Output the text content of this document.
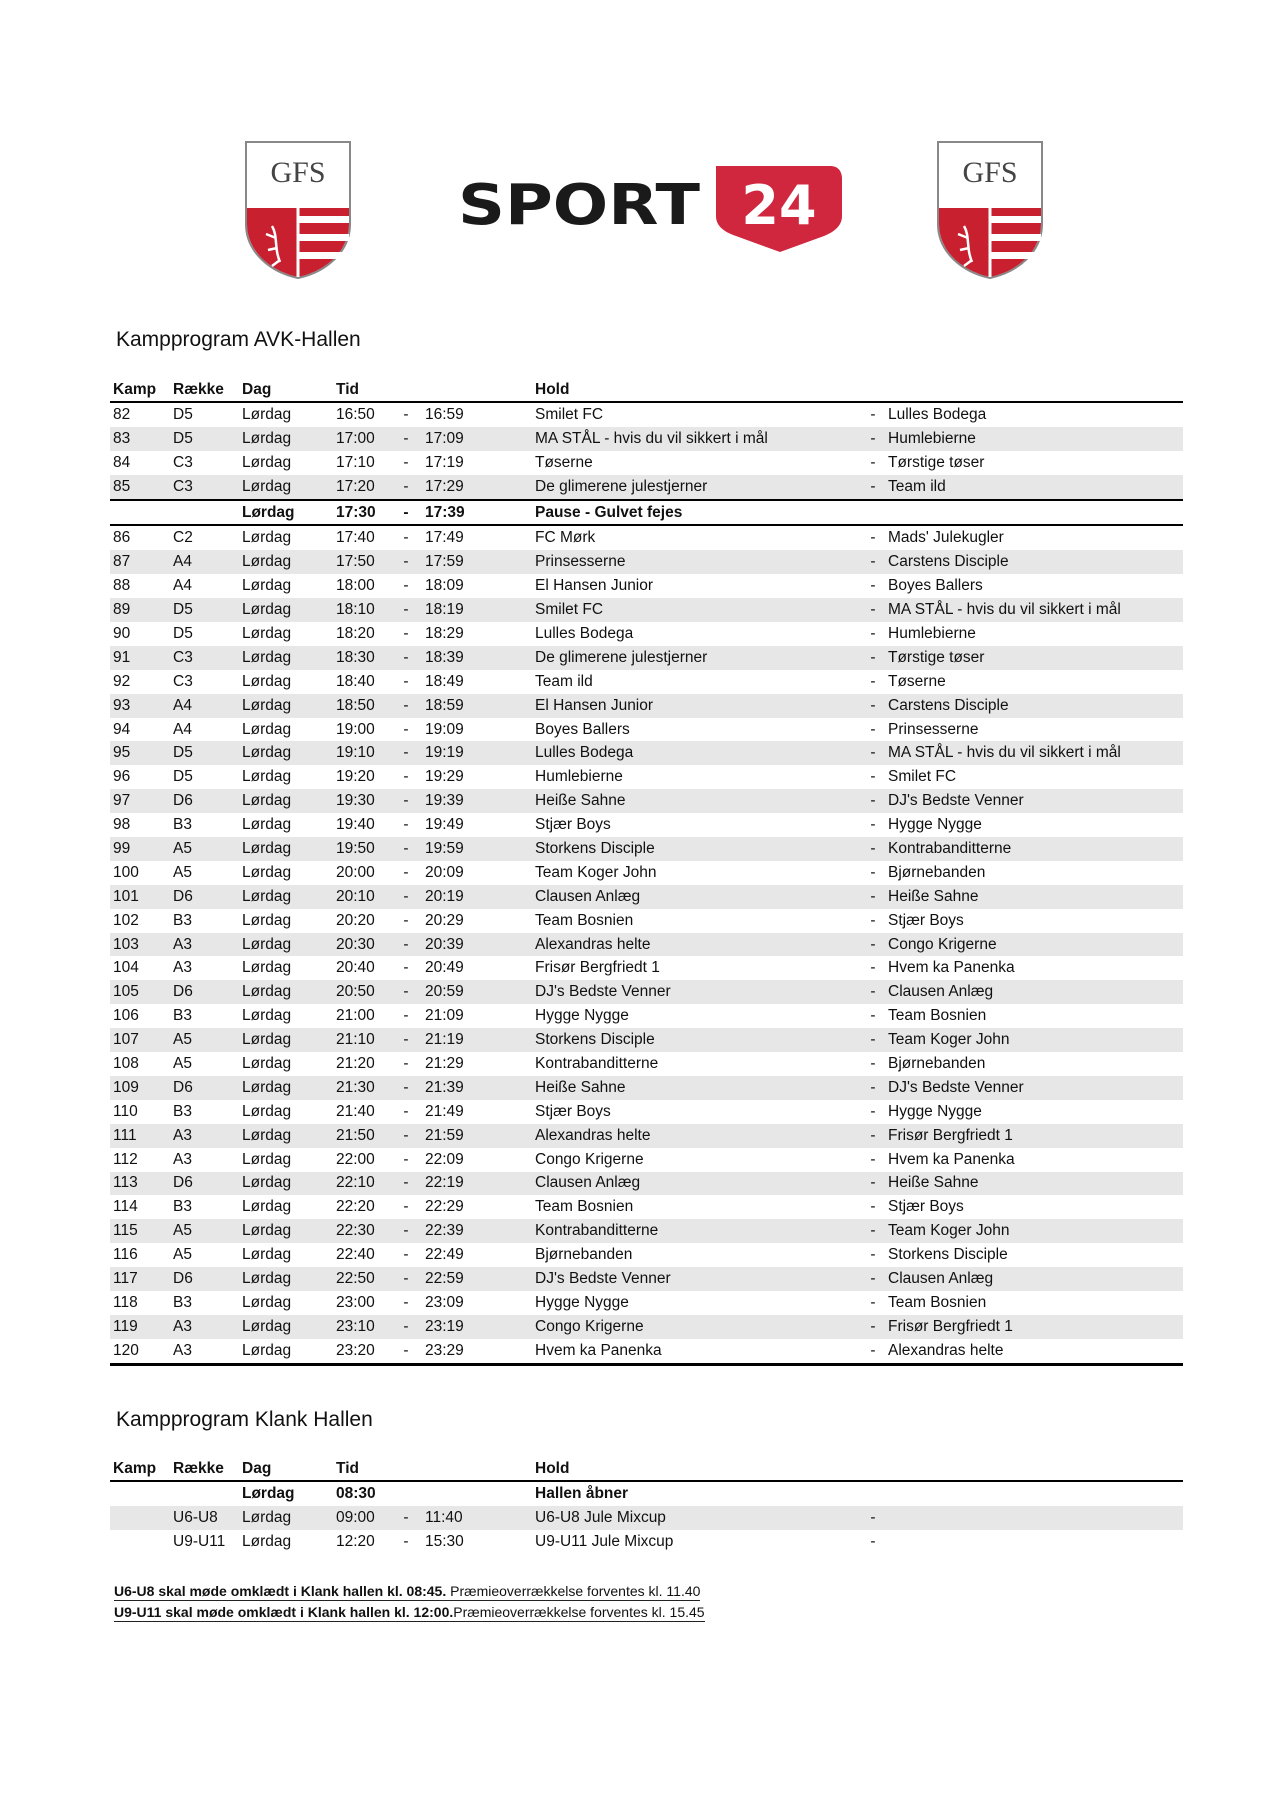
GFS
SPORT 24
GFS
Kampprogram AVK-Hallen
Kamp	Række	Dag	Tid			Hold		
82	D5	Lørdag	16:50	-	16:59	Smilet FC	-	Lulles Bodega
83	D5	Lørdag	17:00	-	17:09	MA STÅL - hvis du vil sikkert i mål	-	Humlebierne
84	C3	Lørdag	17:10	-	17:19	Tøserne	-	Tørstige tøser
85	C3	Lørdag	17:20	-	17:29	De glimerene julestjerner	-	Team ild
		Lørdag	17:30	-	17:39	Pause - Gulvet fejes		
86	C2	Lørdag	17:40	-	17:49	FC Mørk	-	Mads' Julekugler
87	A4	Lørdag	17:50	-	17:59	Prinsesserne	-	Carstens Disciple
88	A4	Lørdag	18:00	-	18:09	El Hansen Junior	-	Boyes Ballers
89	D5	Lørdag	18:10	-	18:19	Smilet FC	-	MA STÅL - hvis du vil sikkert i mål
90	D5	Lørdag	18:20	-	18:29	Lulles Bodega	-	Humlebierne
91	C3	Lørdag	18:30	-	18:39	De glimerene julestjerner	-	Tørstige tøser
92	C3	Lørdag	18:40	-	18:49	Team ild	-	Tøserne
93	A4	Lørdag	18:50	-	18:59	El Hansen Junior	-	Carstens Disciple
94	A4	Lørdag	19:00	-	19:09	Boyes Ballers	-	Prinsesserne
95	D5	Lørdag	19:10	-	19:19	Lulles Bodega	-	MA STÅL - hvis du vil sikkert i mål
96	D5	Lørdag	19:20	-	19:29	Humlebierne	-	Smilet FC
97	D6	Lørdag	19:30	-	19:39	Heiße Sahne	-	DJ's Bedste Venner
98	B3	Lørdag	19:40	-	19:49	Stjær Boys	-	Hygge Nygge
99	A5	Lørdag	19:50	-	19:59	Storkens Disciple	-	Kontrabanditterne
100	A5	Lørdag	20:00	-	20:09	Team Koger John	-	Bjørnebanden
101	D6	Lørdag	20:10	-	20:19	Clausen Anlæg	-	Heiße Sahne
102	B3	Lørdag	20:20	-	20:29	Team Bosnien	-	Stjær Boys
103	A3	Lørdag	20:30	-	20:39	Alexandras helte	-	Congo Krigerne
104	A3	Lørdag	20:40	-	20:49	Frisør Bergfriedt 1	-	Hvem ka Panenka
105	D6	Lørdag	20:50	-	20:59	DJ's Bedste Venner	-	Clausen Anlæg
106	B3	Lørdag	21:00	-	21:09	Hygge Nygge	-	Team Bosnien
107	A5	Lørdag	21:10	-	21:19	Storkens Disciple	-	Team Koger John
108	A5	Lørdag	21:20	-	21:29	Kontrabanditterne	-	Bjørnebanden
109	D6	Lørdag	21:30	-	21:39	Heiße Sahne	-	DJ's Bedste Venner
110	B3	Lørdag	21:40	-	21:49	Stjær Boys	-	Hygge Nygge
111	A3	Lørdag	21:50	-	21:59	Alexandras helte	-	Frisør Bergfriedt 1
112	A3	Lørdag	22:00	-	22:09	Congo Krigerne	-	Hvem ka Panenka
113	D6	Lørdag	22:10	-	22:19	Clausen Anlæg	-	Heiße Sahne
114	B3	Lørdag	22:20	-	22:29	Team Bosnien	-	Stjær Boys
115	A5	Lørdag	22:30	-	22:39	Kontrabanditterne	-	Team Koger John
116	A5	Lørdag	22:40	-	22:49	Bjørnebanden	-	Storkens Disciple
117	D6	Lørdag	22:50	-	22:59	DJ's Bedste Venner	-	Clausen Anlæg
118	B3	Lørdag	23:00	-	23:09	Hygge Nygge	-	Team Bosnien
119	A3	Lørdag	23:10	-	23:19	Congo Krigerne	-	Frisør Bergfriedt 1
120	A3	Lørdag	23:20	-	23:29	Hvem ka Panenka	-	Alexandras helte
Kampprogram Klank Hallen
Kamp	Række	Dag	Tid			Hold		
		Lørdag	08:30			Hallen åbner		
	U6-U8	Lørdag	09:00	-	11:40	U6-U8 Jule Mixcup	-	
	U9-U11	Lørdag	12:20	-	15:30	U9-U11 Jule Mixcup	-	
U6-U8 skal møde omklædt i Klank hallen kl. 08:45. Præmieoverrækkelse forventes kl. 11.40
U9-U11 skal møde omklædt i Klank hallen kl. 12:00.Præmieoverrækkelse forventes kl. 15.45
